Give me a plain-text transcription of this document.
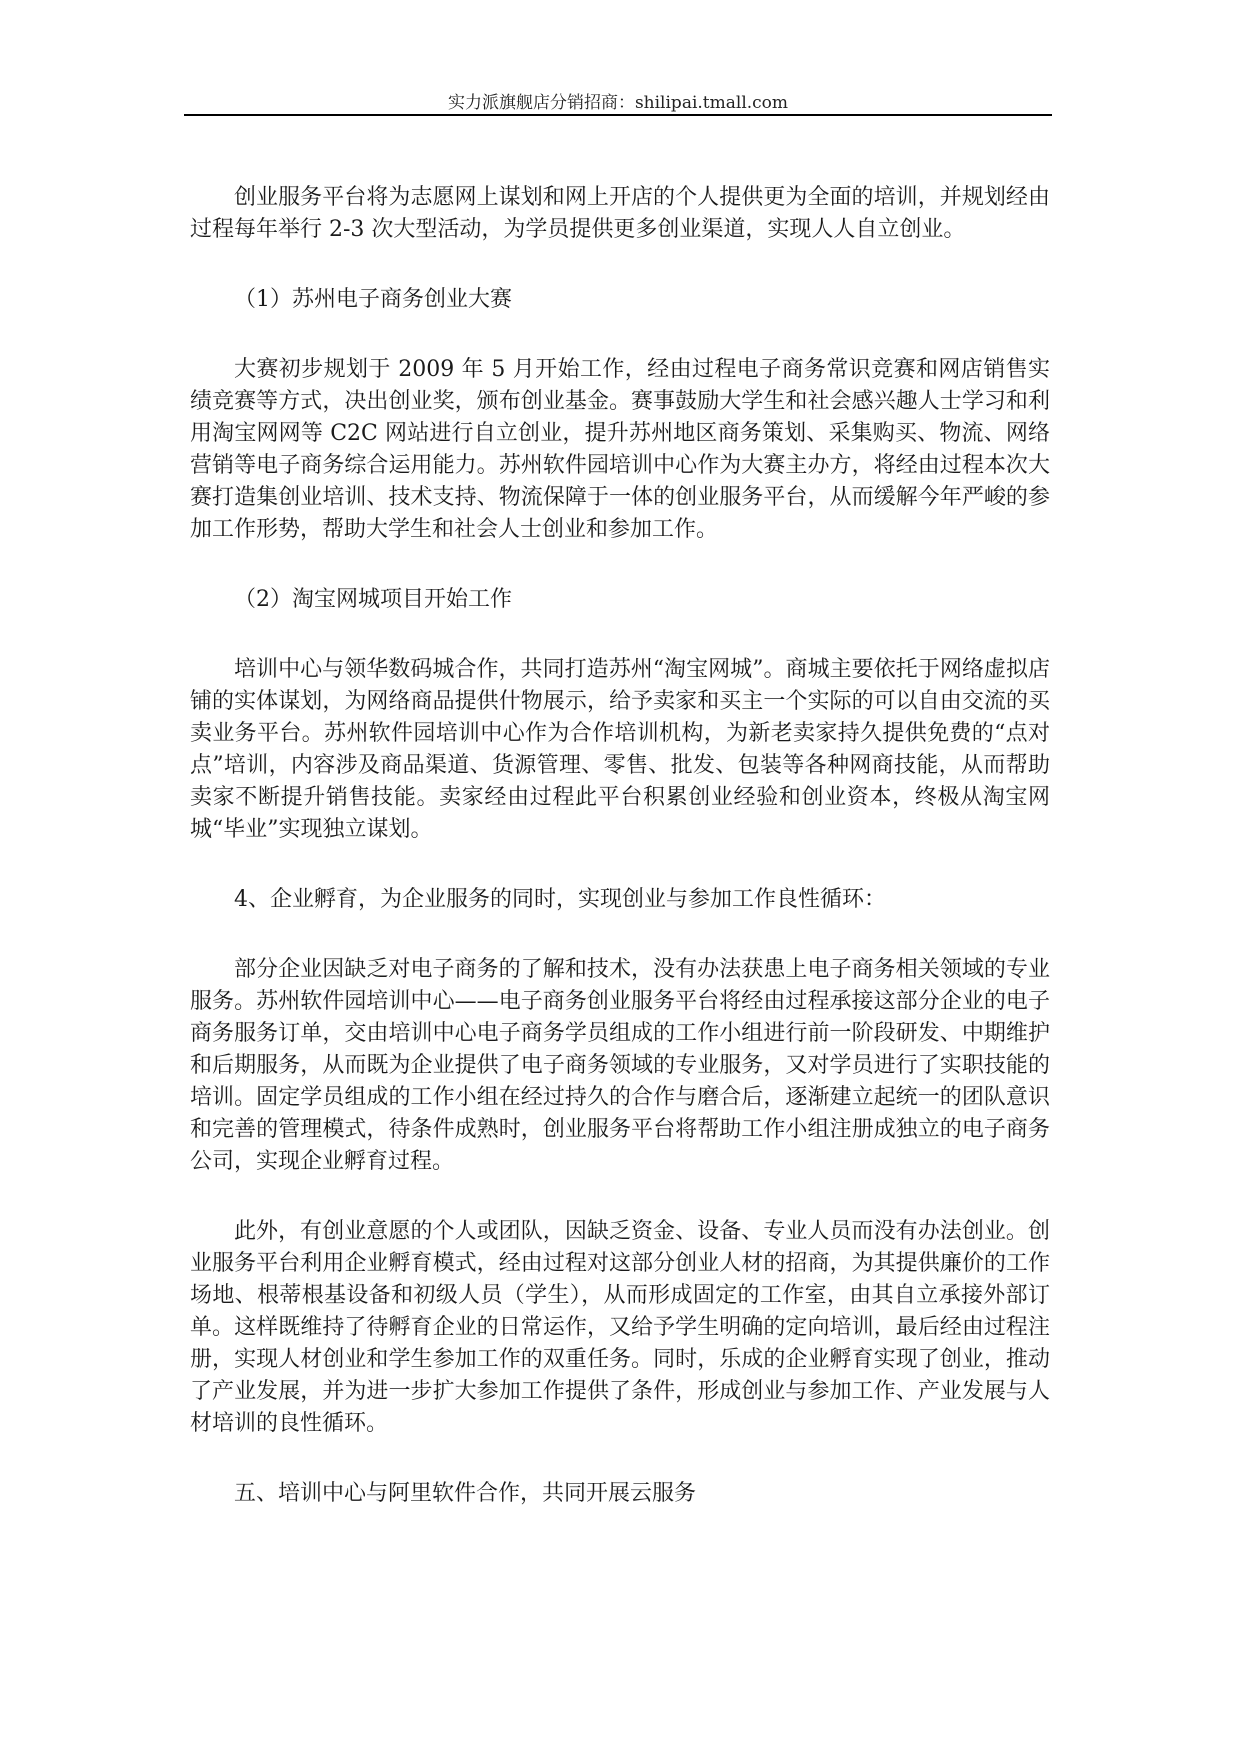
实力派旗舰店分销招商：shilipai.tmall.com

创业服务平台将为志愿网上谋划和网上开店的个人提供更为全面的培训，并规划经由过程每年举行 2-3 次大型活动，为学员提供更多创业渠道，实现人人自立创业。

（1）苏州电子商务创业大赛

大赛初步规划于 2009 年 5 月开始工作，经由过程电子商务常识竞赛和网店销售实绩竞赛等方式，决出创业奖，颁布创业基金。赛事鼓励大学生和社会感兴趣人士学习和利用淘宝网网等 C2C 网站进行自立创业，提升苏州地区商务策划、采集购买、物流、网络营销等电子商务综合运用能力。苏州软件园培训中心作为大赛主办方，将经由过程本次大赛打造集创业培训、技术支持、物流保障于一体的创业服务平台，从而缓解今年严峻的参加工作形势，帮助大学生和社会人士创业和参加工作。

（2）淘宝网城项目开始工作

培训中心与领华数码城合作，共同打造苏州“淘宝网城”。商城主要依托于网络虚拟店铺的实体谋划，为网络商品提供什物展示，给予卖家和买主一个实际的可以自由交流的买卖业务平台。苏州软件园培训中心作为合作培训机构，为新老卖家持久提供免费的“点对点”培训，内容涉及商品渠道、货源管理、零售、批发、包装等各种网商技能，从而帮助卖家不断提升销售技能。卖家经由过程此平台积累创业经验和创业资本，终极从淘宝网城“毕业”实现独立谋划。

4、企业孵育，为企业服务的同时，实现创业与参加工作良性循环：

部分企业因缺乏对电子商务的了解和技术，没有办法获患上电子商务相关领域的专业服务。苏州软件园培训中心——电子商务创业服务平台将经由过程承接这部分企业的电子商务服务订单，交由培训中心电子商务学员组成的工作小组进行前一阶段研发、中期维护和后期服务，从而既为企业提供了电子商务领域的专业服务，又对学员进行了实职技能的培训。固定学员组成的工作小组在经过持久的合作与磨合后，逐渐建立起统一的团队意识和完善的管理模式，待条件成熟时，创业服务平台将帮助工作小组注册成独立的电子商务公司，实现企业孵育过程。

此外，有创业意愿的个人或团队，因缺乏资金、设备、专业人员而没有办法创业。创业服务平台利用企业孵育模式，经由过程对这部分创业人材的招商，为其提供廉价的工作场地、根蒂根基设备和初级人员（学生），从而形成固定的工作室，由其自立承接外部订单。这样既维持了待孵育企业的日常运作，又给予学生明确的定向培训，最后经由过程注册，实现人材创业和学生参加工作的双重任务。同时，乐成的企业孵育实现了创业，推动了产业发展，并为进一步扩大参加工作提供了条件，形成创业与参加工作、产业发展与人材培训的良性循环。

五、培训中心与阿里软件合作，共同开展云服务
